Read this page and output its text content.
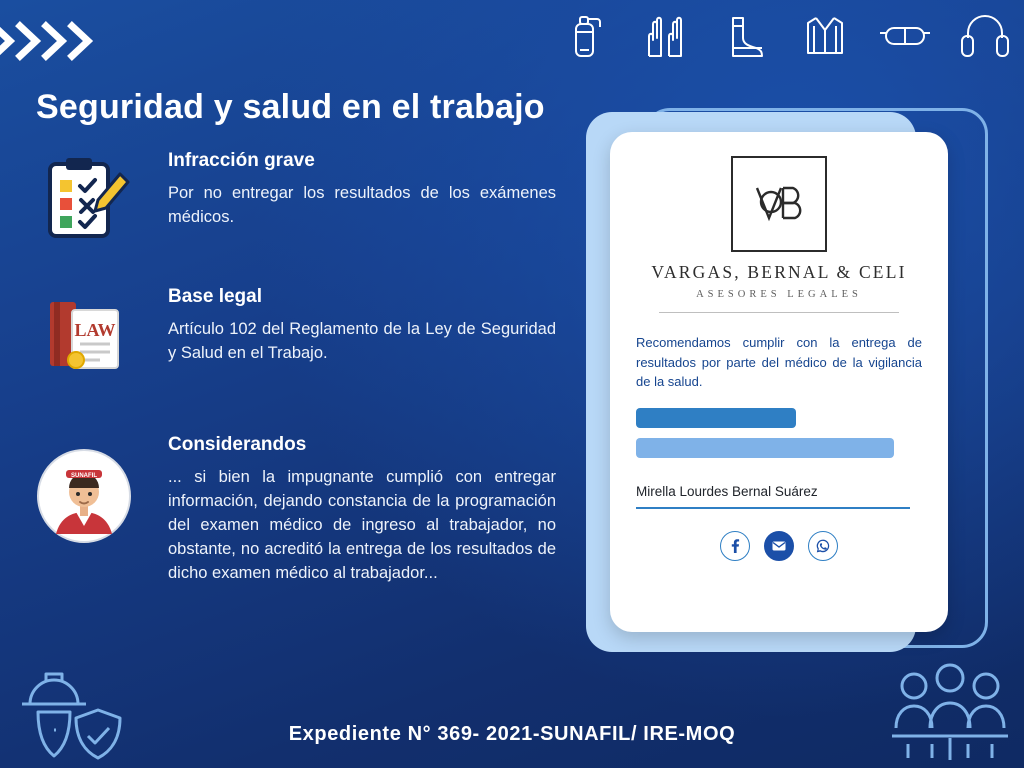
Seguridad y salud en el trabajo
Infracción grave
Por no entregar los resultados de los exámenes médicos.
LAW
Base legal
Artículo 102 del Reglamento de la Ley de Seguridad y Salud en el Trabajo.
SUNAFIL
Considerandos
... si bien la impugnante cumplió con entregar información, dejando constancia de la programación del examen médico de ingreso al trabajador, no obstante, no acreditó la entrega de los resultados de dicho examen médico al trabajador...
VARGAS, BERNAL & CELI
ASESORES LEGALES
Recomendamos cumplir con la entrega de resultados por parte del médico de la vigilancia de la salud.
Mirella Lourdes Bernal Suárez
Expediente N° 369- 2021-SUNAFIL/ IRE-MOQ
